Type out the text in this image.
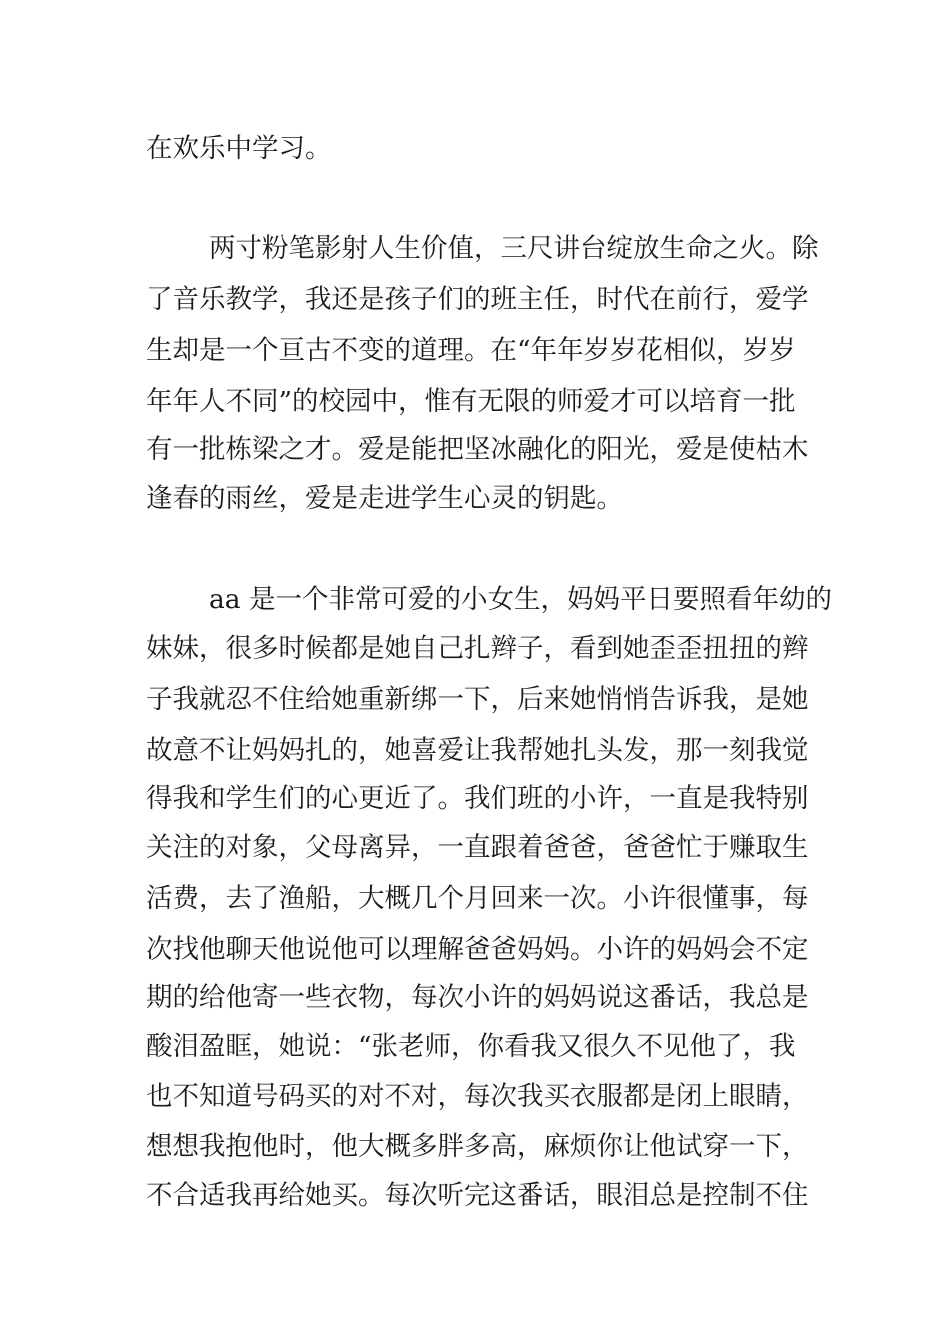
在欢乐中学习。
两寸粉笔影射人生价值，三尺讲台绽放生命之火。除
了音乐教学，我还是孩子们的班主任，时代在前行，爱学
生却是一个亘古不变的道理。在“年年岁岁花相似，岁岁
年年人不同”的校园中，惟有无限的师爱才可以培育一批
有一批栋梁之才。爱是能把坚冰融化的阳光，爱是使枯木
逢春的雨丝，爱是走进学生心灵的钥匙。
aa 是一个非常可爱的小女生，妈妈平日要照看年幼的
妹妹，很多时候都是她自己扎辫子，看到她歪歪扭扭的辫
子我就忍不住给她重新绑一下，后来她悄悄告诉我，是她
故意不让妈妈扎的，她喜爱让我帮她扎头发，那一刻我觉
得我和学生们的心更近了。我们班的小许，一直是我特别
关注的对象，父母离异，一直跟着爸爸，爸爸忙于赚取生
活费，去了渔船，大概几个月回来一次。小许很懂事，每
次找他聊天他说他可以理解爸爸妈妈。小许的妈妈会不定
期的给他寄一些衣物，每次小许的妈妈说这番话，我总是
酸泪盈眶，她说：“张老师，你看我又很久不见他了，我
也不知道号码买的对不对，每次我买衣服都是闭上眼睛，
想想我抱他时，他大概多胖多高，麻烦你让他试穿一下，
不合适我再给她买。每次听完这番话，眼泪总是控制不住
